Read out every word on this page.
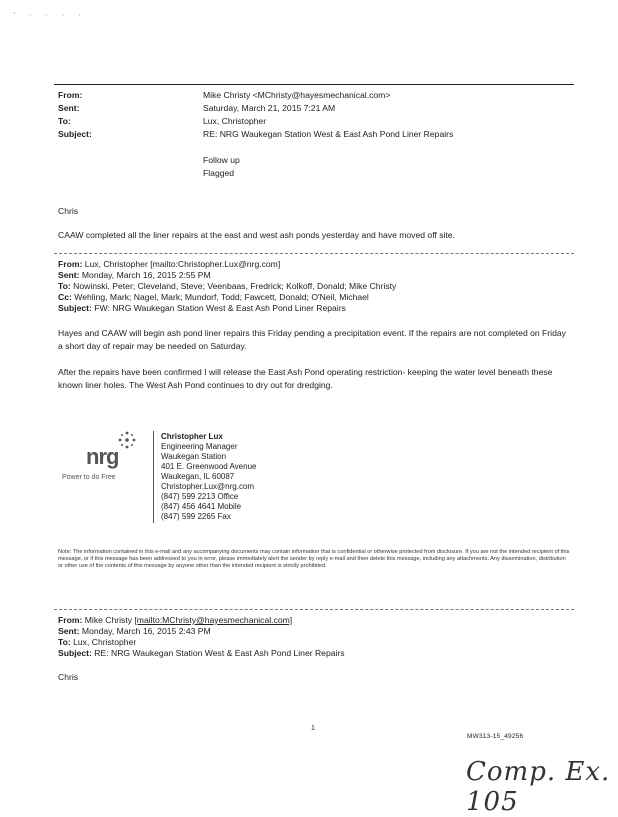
' · · · ·
From:	Mike Christy <MChristy@hayesmechanical.com>
Sent:	Saturday, March 21, 2015 7:21 AM
To:	Lux, Christopher
Subject:	RE: NRG Waukegan Station West & East Ash Pond Liner Repairs
Follow up
Flagged
Chris
CAAW completed all the liner repairs at the east and west ash ponds yesterday and have moved off site.
From: Lux, Christopher [mailto:Christopher.Lux@nrg.com]
Sent: Monday, March 16, 2015 2:55 PM
To: Nowinski, Peter; Cleveland, Steve; Veenbaas, Fredrick; Kolkoff, Donald; Mike Christy
Cc: Wehling, Mark; Nagel, Mark; Mundorf, Todd; Fawcett, Donald; O'Neil, Michael
Subject: FW: NRG Waukegan Station West & East Ash Pond Liner Repairs
Hayes and CAAW will begin ash pond liner repairs this Friday pending a precipitation event. If the repairs are not completed on Friday a short day of repair may be needed on Saturday.
After the repairs have been confirmed I will release the East Ash Pond operating restriction- keeping the water level beneath these known liner holes. The West Ash Pond continues to dry out for dredging.
nrg
Power to do Free
Christopher Lux
Engineering Manager
Waukegan Station
401 E. Greenwood Avenue
Waukegan, IL 60087
Christopher.Lux@nrg.com
(847) 599 2213 Office
(847) 456 4641 Mobile
(847) 599 2265 Fax
Note: The information contained in this e-mail and any accompanying documents may contain information that is confidential or otherwise protected from disclosure. If you are not the intended recipient of this message, or if this message has been addressed to you in error, please immediately alert the sender by reply e-mail and then delete this message, including any attachments. Any dissemination, distribution or other use of the contents of this message by anyone other than the intended recipient is strictly prohibited.
From: Mike Christy [mailto:MChristy@hayesmechanical.com]
Sent: Monday, March 16, 2015 2:43 PM
To: Lux, Christopher
Subject: RE: NRG Waukegan Station West & East Ash Pond Liner Repairs
Chris
1
MW313-15_49256
Comp. Ex. 105
